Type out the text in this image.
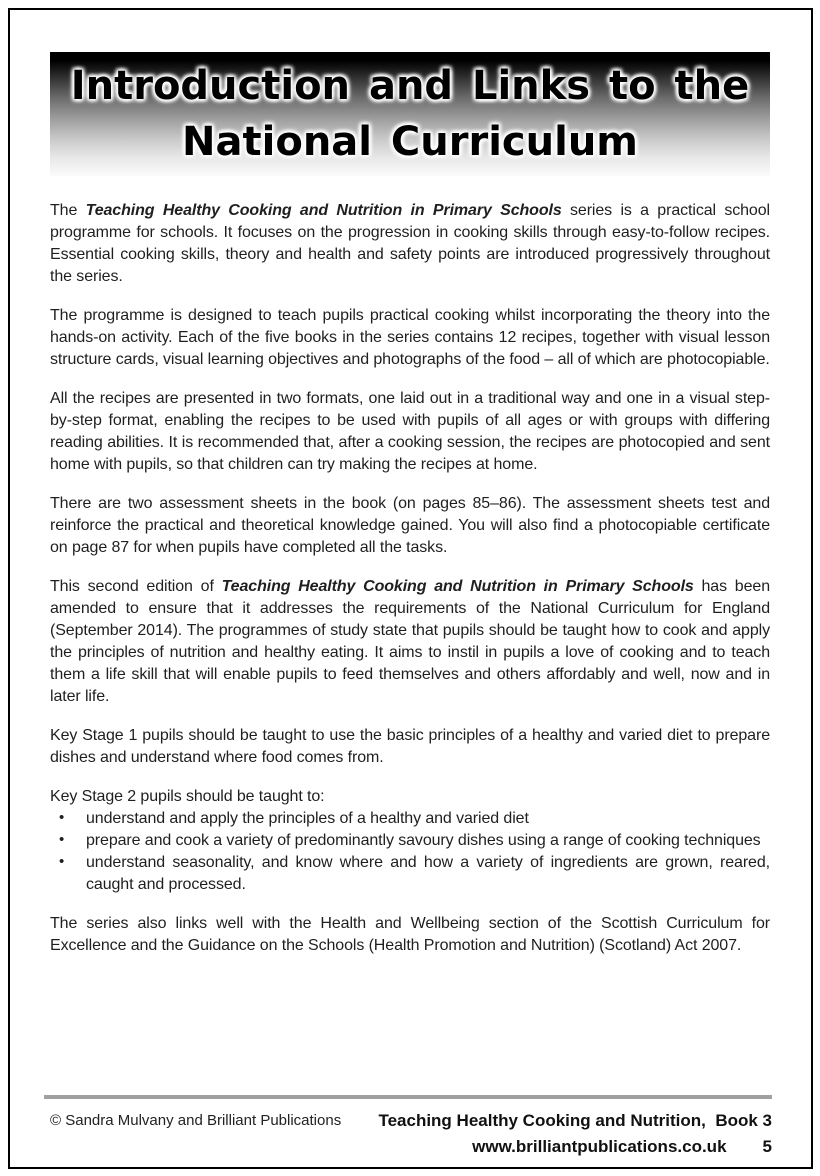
Introduction and Links to the
National Curriculum

The Teaching Healthy Cooking and Nutrition in Primary Schools series is a practical school programme for schools. It focuses on the progression in cooking skills through easy-to-follow recipes. Essential cooking skills, theory and health and safety points are introduced progressively throughout the series.

The programme is designed to teach pupils practical cooking whilst incorporating the theory into the hands-on activity. Each of the five books in the series contains 12 recipes, together with visual lesson structure cards, visual learning objectives and photographs of the food – all of which are photocopiable.

All the recipes are presented in two formats, one laid out in a traditional way and one in a visual step-by-step format, enabling the recipes to be used with pupils of all ages or with groups with differing reading abilities. It is recommended that, after a cooking session, the recipes are photocopied and sent home with pupils, so that children can try making the recipes at home.

There are two assessment sheets in the book (on pages 85–86). The assessment sheets test and reinforce the practical and theoretical knowledge gained. You will also find a photocopiable certificate on page 87 for when pupils have completed all the tasks.

This second edition of Teaching Healthy Cooking and Nutrition in Primary Schools has been amended to ensure that it addresses the requirements of the National Curriculum for England (September 2014). The programmes of study state that pupils should be taught how to cook and apply the principles of nutrition and healthy eating. It aims to instil in pupils a love of cooking and to teach them a life skill that will enable pupils to feed themselves and others affordably and well, now and in later life.

Key Stage 1 pupils should be taught to use the basic principles of a healthy and varied diet to prepare dishes and understand where food comes from.

Key Stage 2 pupils should be taught to:

• understand and apply the principles of a healthy and varied diet
• prepare and cook a variety of predominantly savoury dishes using a range of cooking techniques
• understand seasonality, and know where and how a variety of ingredients are grown, reared, caught and processed.

The series also links well with the Health and Wellbeing section of the Scottish Curriculum for Excellence and the Guidance on the Schools (Health Promotion and Nutrition) (Scotland) Act 2007.

© Sandra Mulvany and Brilliant Publications Teaching Healthy Cooking and Nutrition,  Book 3
www.brilliantpublications.co.uk 5
